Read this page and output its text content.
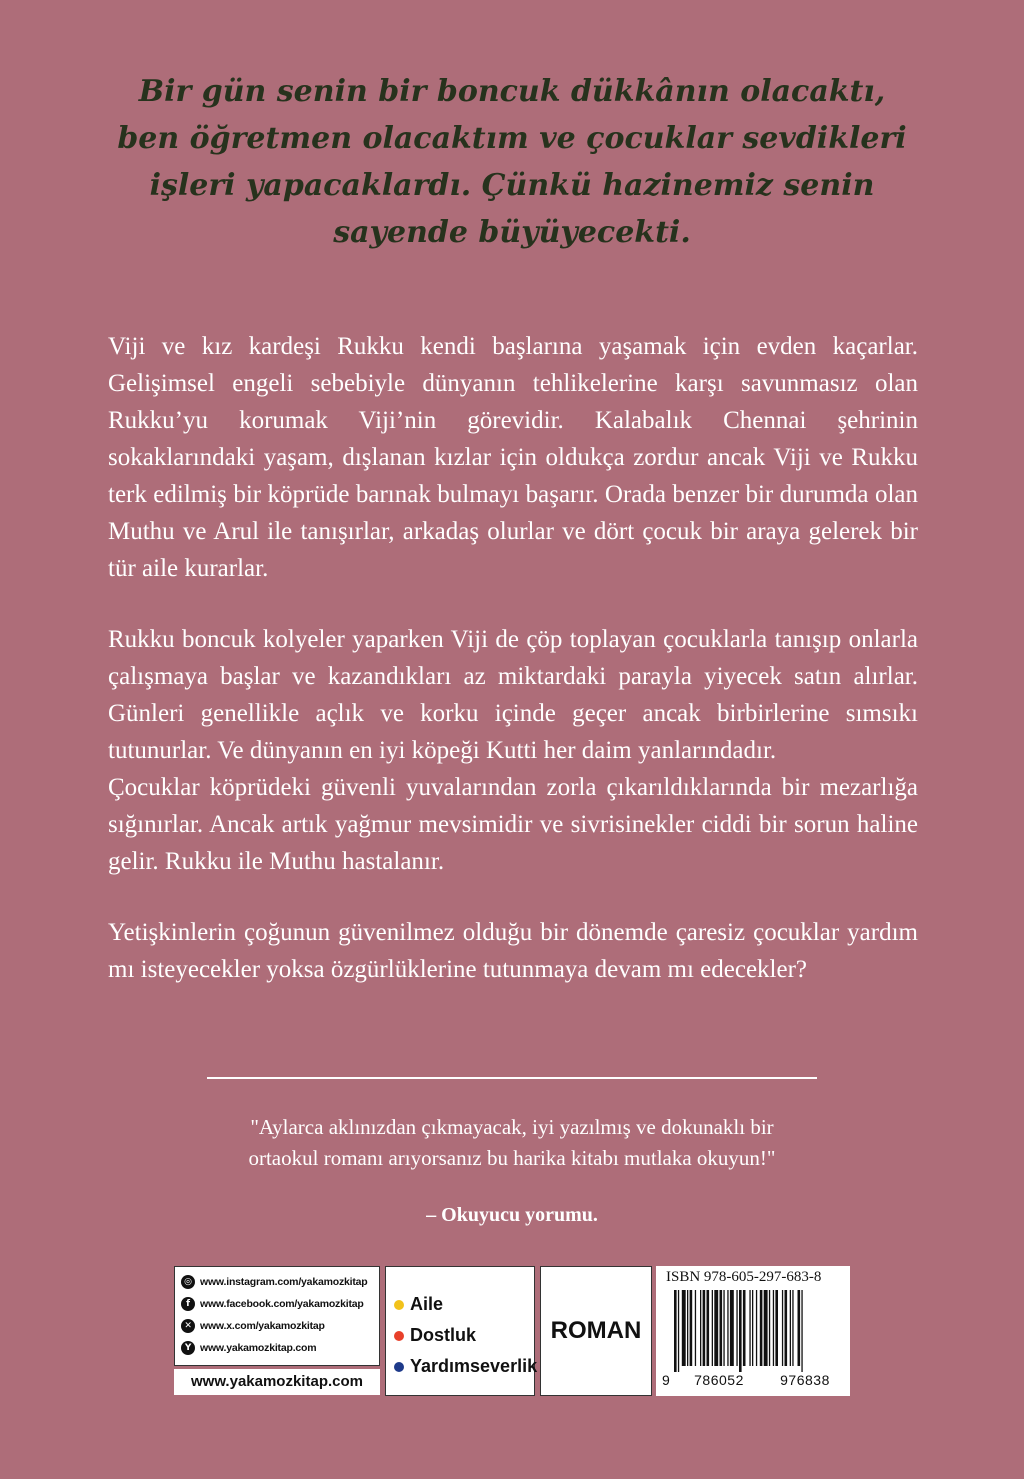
Bir gün senin bir boncuk dükkânın olacaktı,
ben öğretmen olacaktım ve çocuklar sevdikleri
işleri yapacaklardı. Çünkü hazinemiz senin
sayende büyüyecekti.

Viji ve kız kardeşi Rukku kendi başlarına yaşamak için evden kaçarlar. Gelişimsel engeli sebebiyle dünyanın tehlikelerine karşı savunmasız olan Rukku’yu korumak Viji’nin görevidir. Kalabalık Chennai şehrinin sokaklarındaki yaşam, dışlanan kızlar için oldukça zordur ancak Viji ve Rukku terk edilmiş bir köprüde barınak bulmayı başarır. Orada benzer bir durumda olan Muthu ve Arul ile tanışırlar, arkadaş olurlar ve dört çocuk bir araya gelerek bir tür aile kurarlar.

Rukku boncuk kolyeler yaparken Viji de çöp toplayan çocuklarla tanışıp onlarla çalışmaya başlar ve kazandıkları az miktardaki parayla yiyecek satın alırlar. Günleri genellikle açlık ve korku içinde geçer ancak birbirlerine sımsıkı tutunurlar. Ve dünyanın en iyi köpeği Kutti her daim yanlarındadır.

Çocuklar köprüdeki güvenli yuvalarından zorla çıkarıldıklarında bir mezarlığa sığınırlar. Ancak artık yağmur mevsimidir ve sivrisinekler ciddi bir sorun haline gelir. Rukku ile Muthu hastalanır.

Yetişkinlerin çoğunun güvenilmez olduğu bir dönemde çaresiz çocuklar yardım mı isteyecekler yoksa özgürlüklerine tutunmaya devam mı edecekler?

"Aylarca aklınızdan çıkmayacak, iyi yazılmış ve dokunaklı bir
ortaokul romanı arıyorsanız bu harika kitabı mutlaka okuyun!"
– Okuyucu yorumu.
◎ www.instagram.com/yakamozkitap
f www.facebook.com/yakamozkitap
✕ www.x.com/yakamozkitap
Y www.yakamozkitap.com
www.yakamozkitap.com
Aile
Dostluk
Yardımseverlik
ROMAN
ISBN 978-605-297-683-8
9	786052	976838
